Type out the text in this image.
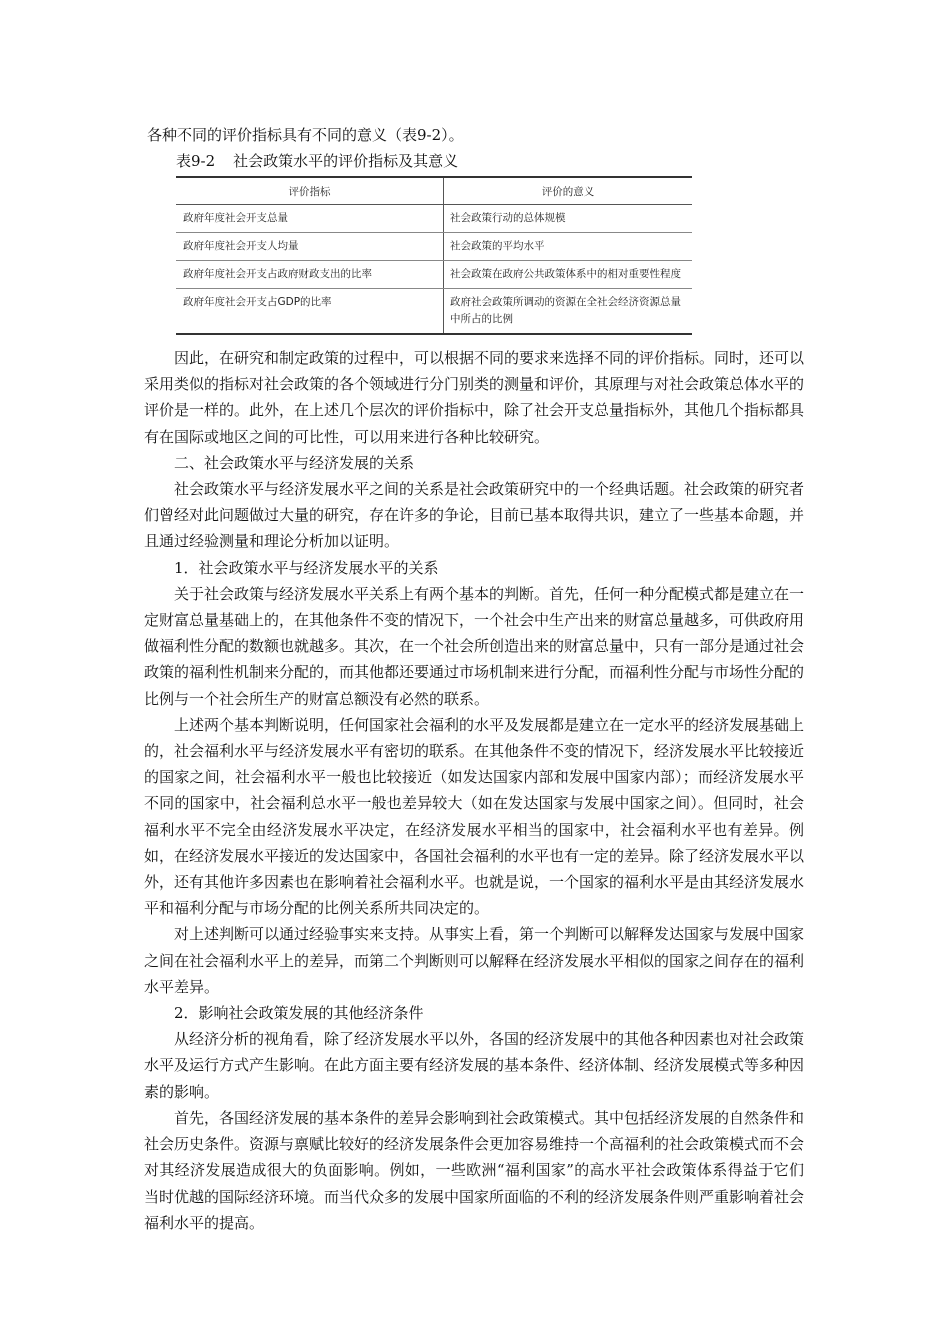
各种不同的评价指标具有不同的意义（表9-2）。
表9-2 社会政策水平的评价指标及其意义
评价指标	评价的意义
政府年度社会开支总量	社会政策行动的总体规模
政府年度社会开支人均量	社会政策的平均水平
政府年度社会开支占政府财政支出的比率	社会政策在政府公共政策体系中的相对重要性程度
政府年度社会开支占GDP的比率	政府社会政策所调动的资源在全社会经济资源总量中所占的比例

因此，在研究和制定政策的过程中，可以根据不同的要求来选择不同的评价指标。同时，还可以采用类似的指标对社会政策的各个领域进行分门别类的测量和评价，其原理与对社会政策总体水平的评价是一样的。此外，在上述几个层次的评价指标中，除了社会开支总量指标外，其他几个指标都具有在国际或地区之间的可比性，可以用来进行各种比较研究。

二、社会政策水平与经济发展的关系

社会政策水平与经济发展水平之间的关系是社会政策研究中的一个经典话题。社会政策的研究者们曾经对此问题做过大量的研究，存在许多的争论，目前已基本取得共识，建立了一些基本命题，并且通过经验测量和理论分析加以证明。

1．社会政策水平与经济发展水平的关系

关于社会政策与经济发展水平关系上有两个基本的判断。首先，任何一种分配模式都是建立在一定财富总量基础上的，在其他条件不变的情况下，一个社会中生产出来的财富总量越多，可供政府用做福利性分配的数额也就越多。其次，在一个社会所创造出来的财富总量中，只有一部分是通过社会政策的福利性机制来分配的，而其他都还要通过市场机制来进行分配，而福利性分配与市场性分配的比例与一个社会所生产的财富总额没有必然的联系。

上述两个基本判断说明，任何国家社会福利的水平及发展都是建立在一定水平的经济发展基础上的，社会福利水平与经济发展水平有密切的联系。在其他条件不变的情况下，经济发展水平比较接近的国家之间，社会福利水平一般也比较接近（如发达国家内部和发展中国家内部）；而经济发展水平不同的国家中，社会福利总水平一般也差异较大（如在发达国家与发展中国家之间）。但同时，社会福利水平不完全由经济发展水平决定，在经济发展水平相当的国家中，社会福利水平也有差异。例如，在经济发展水平接近的发达国家中，各国社会福利的水平也有一定的差异。除了经济发展水平以外，还有其他许多因素也在影响着社会福利水平。也就是说，一个国家的福利水平是由其经济发展水平和福利分配与市场分配的比例关系所共同决定的。

对上述判断可以通过经验事实来支持。从事实上看，第一个判断可以解释发达国家与发展中国家之间在社会福利水平上的差异，而第二个判断则可以解释在经济发展水平相似的国家之间存在的福利水平差异。

2．影响社会政策发展的其他经济条件

从经济分析的视角看，除了经济发展水平以外，各国的经济发展中的其他各种因素也对社会政策水平及运行方式产生影响。在此方面主要有经济发展的基本条件、经济体制、经济发展模式等多种因素的影响。

首先，各国经济发展的基本条件的差异会影响到社会政策模式。其中包括经济发展的自然条件和社会历史条件。资源与禀赋比较好的经济发展条件会更加容易维持一个高福利的社会政策模式而不会对其经济发展造成很大的负面影响。例如，一些欧洲“福利国家”的高水平社会政策体系得益于它们当时优越的国际经济环境。而当代众多的发展中国家所面临的不利的经济发展条件则严重影响着社会福利水平的提高。
